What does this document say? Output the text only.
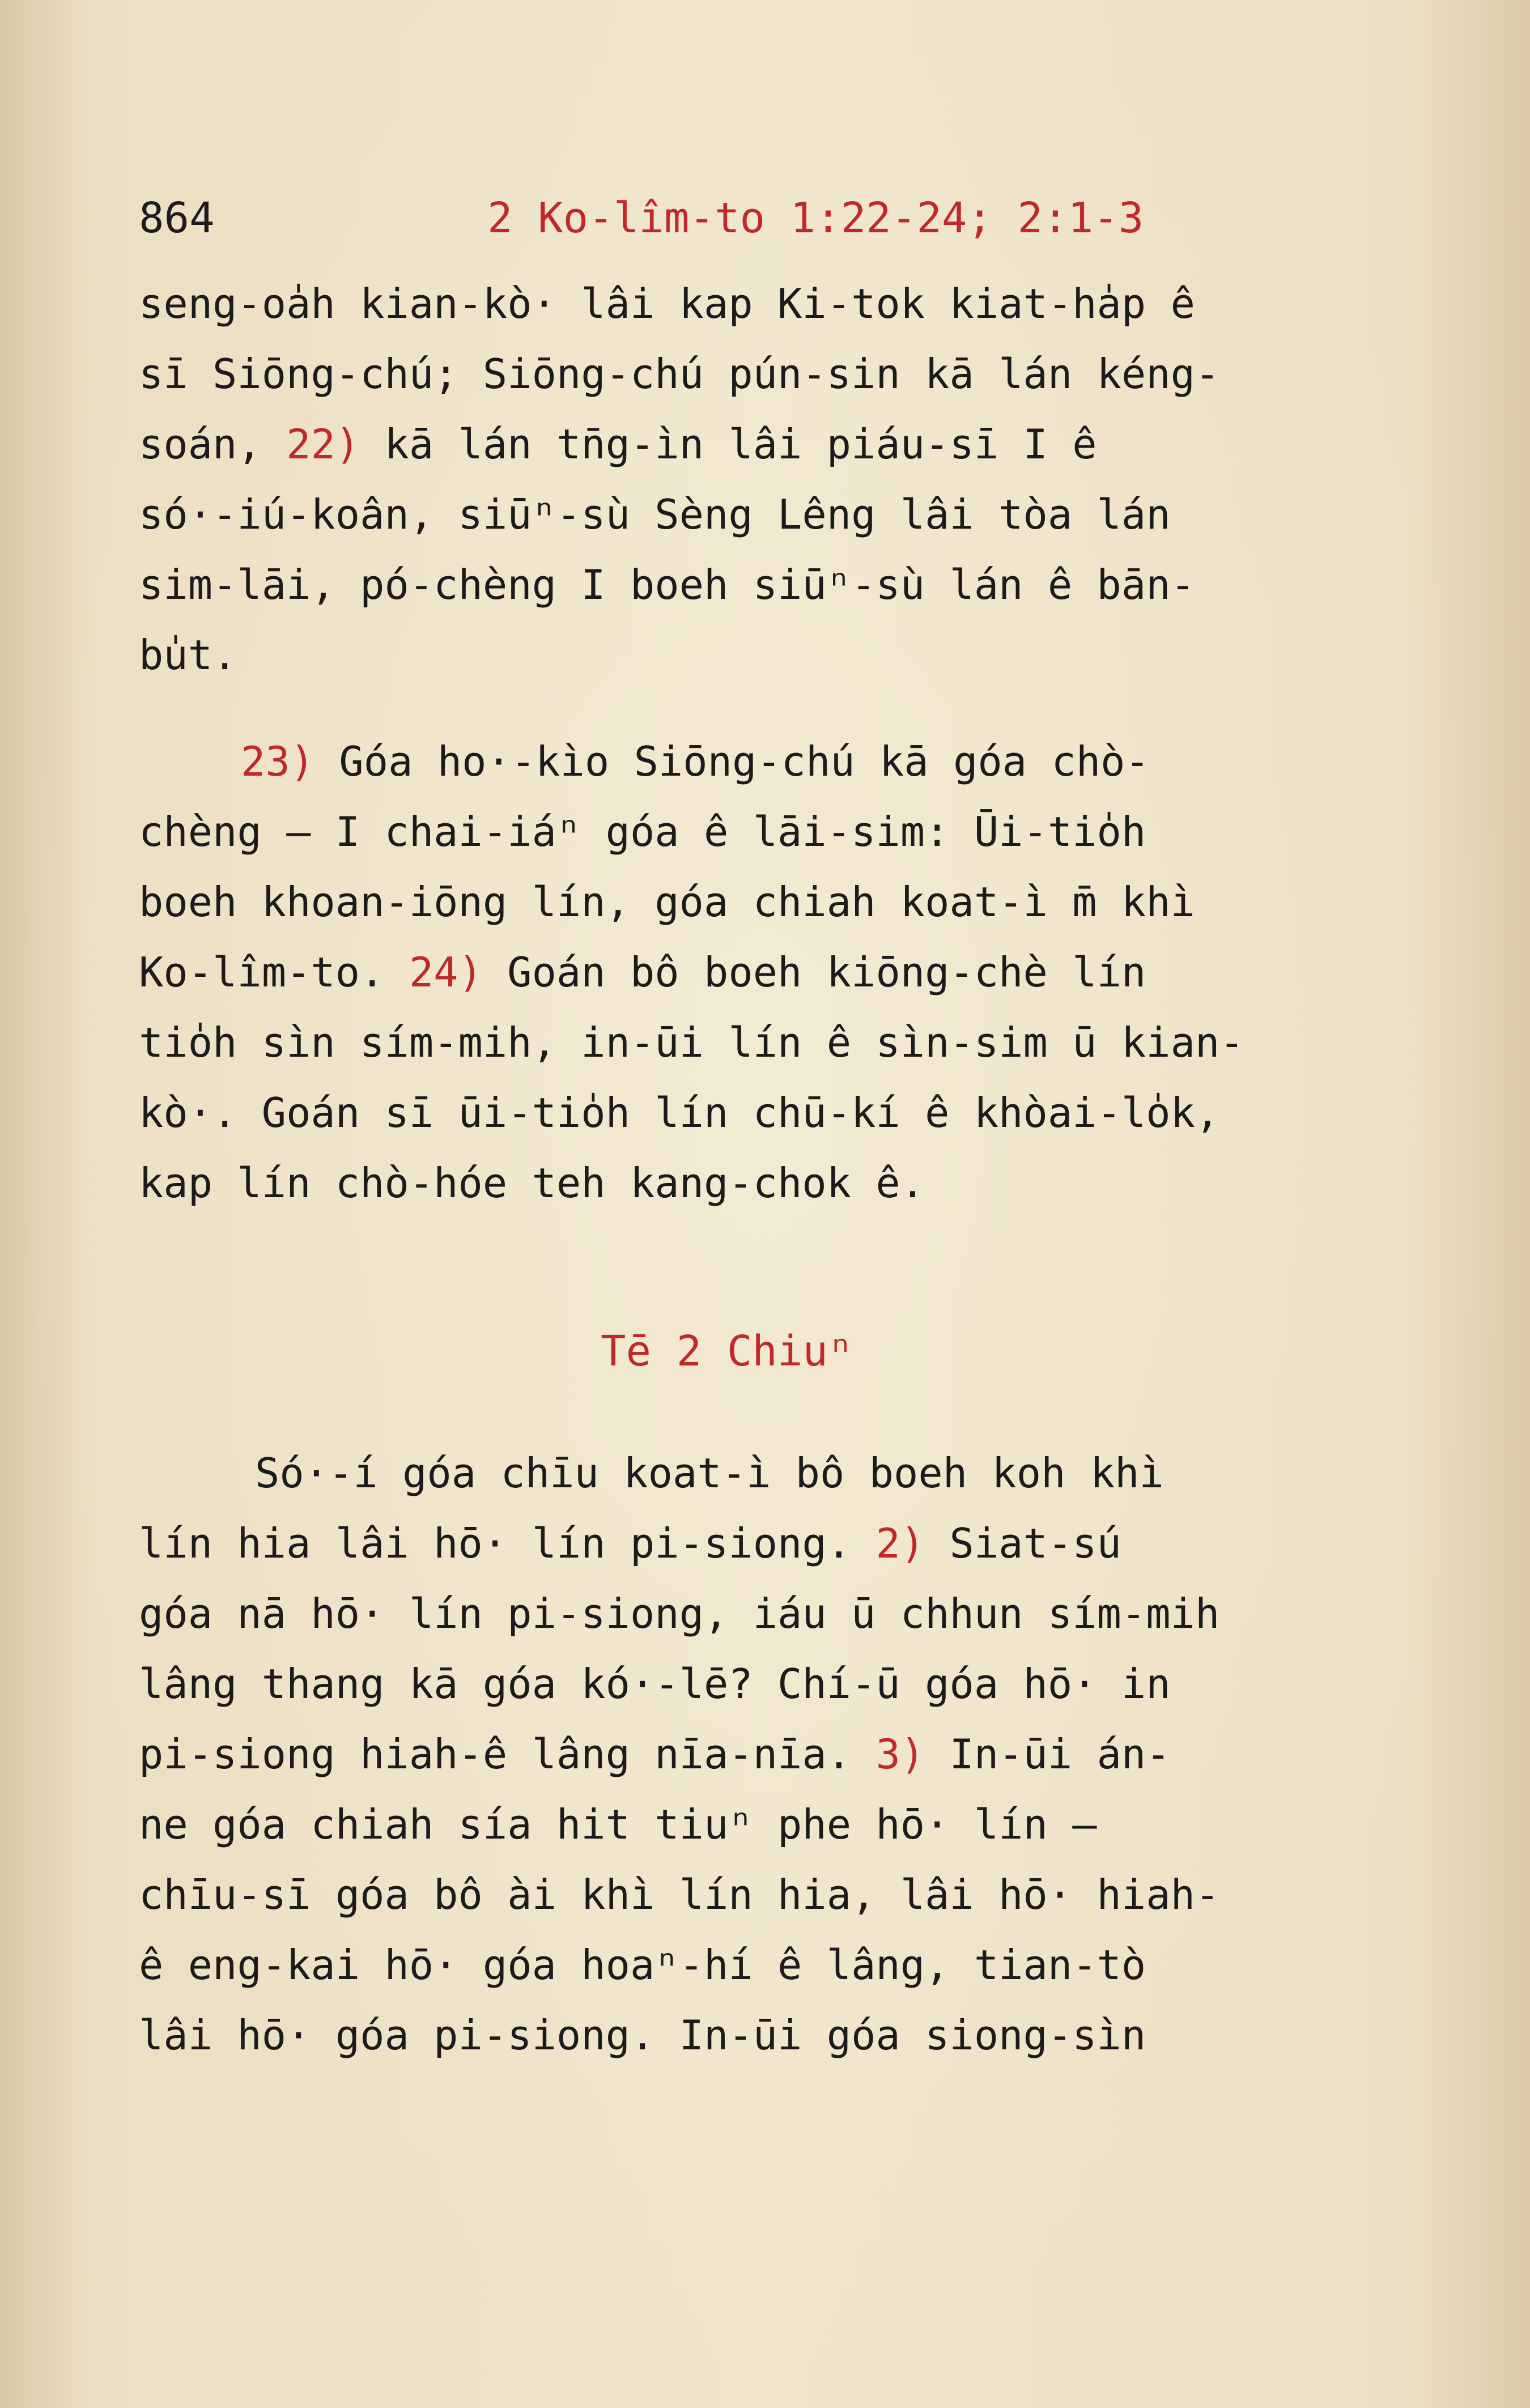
864	2 Ko-lîm-to 1:22-24; 2:1-3
seng-oa̍h kian-kò· lâi kap Ki-tok kiat-ha̍p ê
sī Siōng-chú; Siōng-chú pún-sin kā lán kéng-
soán, 22) kā lán tn̄g-ìn lâi piáu-sī I ê
só·-iú-koân, siūⁿ-sù Sèng Lêng lâi tòa lán
sim-lāi, pó-chèng I boeh siūⁿ-sù lán ê bān-
bu̍t.
23) Góa ho·-kìo Siōng-chú kā góa chò-
chèng — I chai-iáⁿ góa ê lāi-sim: Ūi-tio̍h
boeh khoan-iōng lín, góa chiah koat-ì m̄ khì
Ko-lîm-to. 24) Goán bô boeh kiōng-chè lín
tio̍h sìn sím-mih, in-ūi lín ê sìn-sim ū kian-
kò·. Goán sī ūi-tio̍h lín chū-kí ê khòai-lo̍k,
kap lín chò-hóe teh kang-chok ê.
Tē 2 Chiuⁿ
Só·-í góa chīu koat-ì bô boeh koh khì
lín hia lâi hō· lín pi-siong. 2) Siat-sú
góa nā hō· lín pi-siong, iáu ū chhun sím-mih
lâng thang kā góa kó·-lē? Chí-ū góa hō· in
pi-siong hiah-ê lâng nīa-nīa. 3) In-ūi án-
ne góa chiah sía hit tiuⁿ phe hō· lín —
chīu-sī góa bô ài khì lín hia, lâi hō· hiah-
ê eng-kai hō· góa hoaⁿ-hí ê lâng, tian-tò
lâi hō· góa pi-siong. In-ūi góa siong-sìn
